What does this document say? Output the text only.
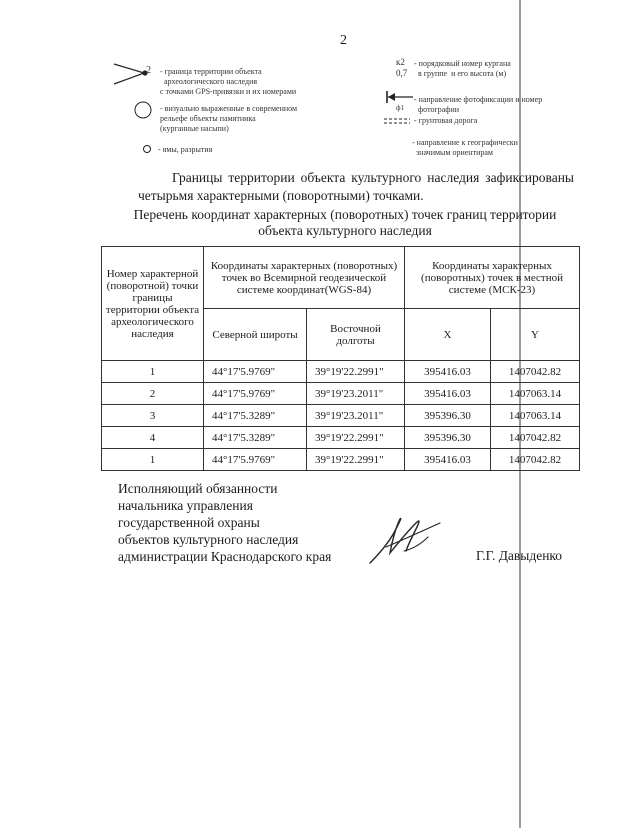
2
2 - граница территории объекта
археологического наследия
с точками GPS-привязки и их номерами
- визуально выраженные в современном
рельефе объекты памятника
(курганные насыпи)
- ямы, разрытия
к2
0,7
- порядковый номер кургана
в группе  и его высота (м)
ф1
- направление фотофиксации и номер
фотографии
- грунтовая дорога
- направление к географически
значимым ориентирам
Границы территории объекта культурного наследия зафиксированы четырьмя характерными (поворотными) точками.
Перечень координат характерных (поворотных) точек границ территории объекта культурного наследия
Номер характерной (поворотной) точки границы территории объекта археологического наследия	Координаты характерных (поворотных) точек во Всемирной геодезической системе координат(WGS-84)		Координаты характерных (поворотных) точек в местной системе (МСК-23)	
	Северной широты	Восточной долготы	X	Y
1	44°17'5.9769"	39°19'22.2991"	395416.03	1407042.82
2	44°17'5.9769"	39°19'23.2011"	395416.03	1407063.14
3	44°17'5.3289"	39°19'23.2011"	395396.30	1407063.14
4	44°17'5.3289"	39°19'22.2991"	395396.30	1407042.82
1	44°17'5.9769"	39°19'22.2991"	395416.03	1407042.82
Исполняющий обязанности
начальника управления
государственной охраны
объектов культурного наследия
администрации Краснодарского края	Г.Г. Давыденко
